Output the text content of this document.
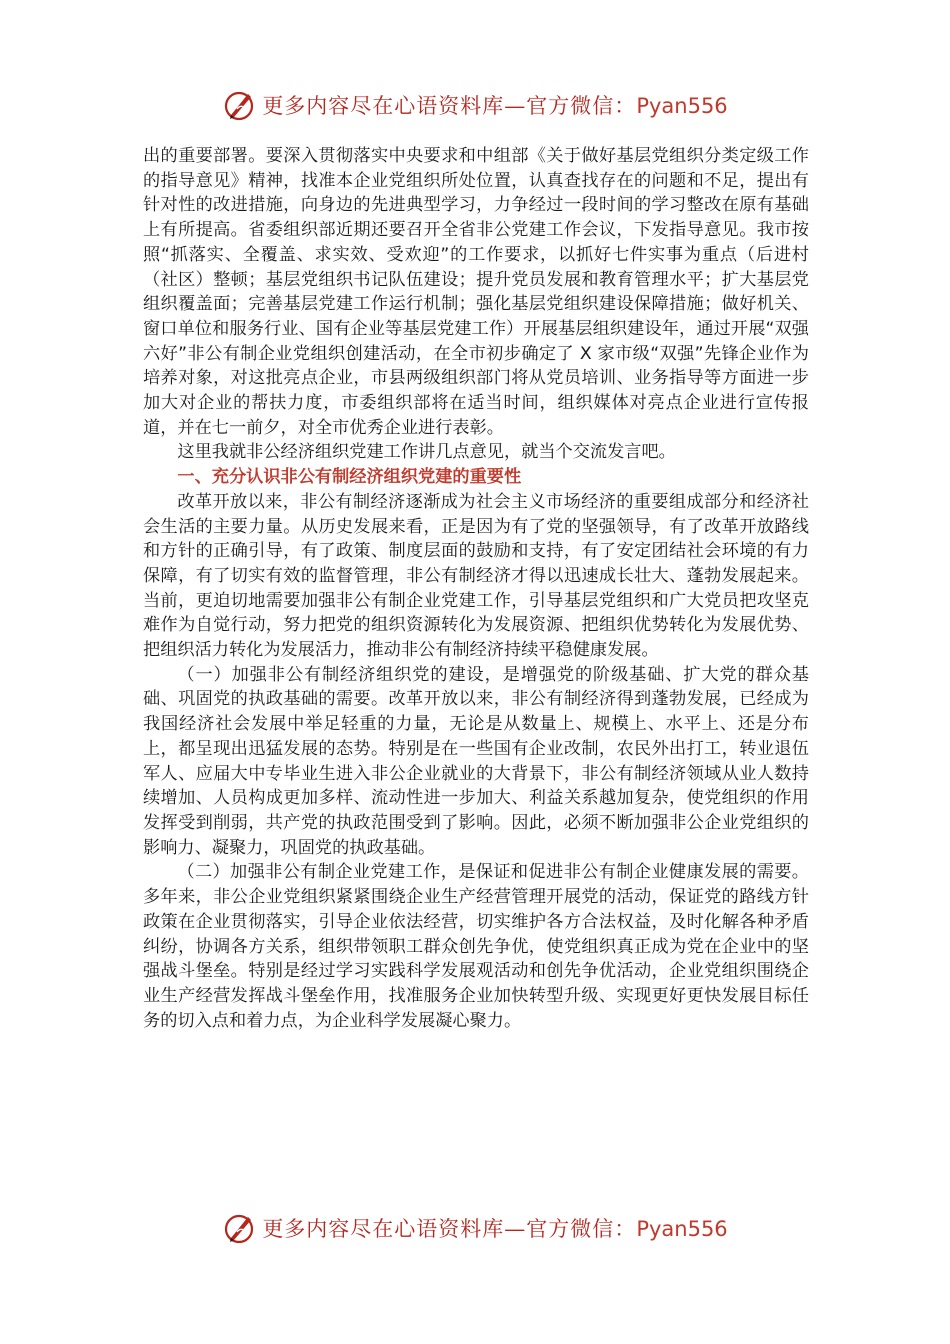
更多内容尽在心语资料库—官方微信：Pyan556

出的重要部署。要深入贯彻落实中央要求和中组部《关于做好基层党组织分类定级工作的指导意见》精神，找准本企业党组织所处位置，认真查找存在的问题和不足，提出有针对性的改进措施，向身边的先进典型学习，力争经过一段时间的学习整改在原有基础上有所提高。省委组织部近期还要召开全省非公党建工作会议，下发指导意见。我市按照“抓落实、全覆盖、求实效、受欢迎”的工作要求，以抓好七件实事为重点（后进村（社区）整顿；基层党组织书记队伍建设；提升党员发展和教育管理水平；扩大基层党组织覆盖面；完善基层党建工作运行机制；强化基层党组织建设保障措施；做好机关、窗口单位和服务行业、国有企业等基层党建工作）开展基层组织建设年，通过开展“双强六好”非公有制企业党组织创建活动，在全市初步确定了 X 家市级“双强”先锋企业作为培养对象，对这批亮点企业，市县两级组织部门将从党员培训、业务指导等方面进一步加大对企业的帮扶力度，市委组织部将在适当时间，组织媒体对亮点企业进行宣传报道，并在七一前夕，对全市优秀企业进行表彰。

这里我就非公经济组织党建工作讲几点意见，就当个交流发言吧。

一、充分认识非公有制经济组织党建的重要性

改革开放以来，非公有制经济逐渐成为社会主义市场经济的重要组成部分和经济社会生活的主要力量。从历史发展来看，正是因为有了党的坚强领导，有了改革开放路线和方针的正确引导，有了政策、制度层面的鼓励和支持，有了安定团结社会环境的有力保障，有了切实有效的监督管理，非公有制经济才得以迅速成长壮大、蓬勃发展起来。当前，更迫切地需要加强非公有制企业党建工作，引导基层党组织和广大党员把攻坚克难作为自觉行动，努力把党的组织资源转化为发展资源、把组织优势转化为发展优势、把组织活力转化为发展活力，推动非公有制经济持续平稳健康发展。

（一）加强非公有制经济组织党的建设，是增强党的阶级基础、扩大党的群众基础、巩固党的执政基础的需要。改革开放以来，非公有制经济得到蓬勃发展，已经成为我国经济社会发展中举足轻重的力量，无论是从数量上、规模上、水平上、还是分布上，都呈现出迅猛发展的态势。特别是在一些国有企业改制，农民外出打工，转业退伍军人、应届大中专毕业生进入非公企业就业的大背景下，非公有制经济领域从业人数持续增加、人员构成更加多样、流动性进一步加大、利益关系越加复杂，使党组织的作用发挥受到削弱，共产党的执政范围受到了影响。因此，必须不断加强非公企业党组织的影响力、凝聚力，巩固党的执政基础。

（二）加强非公有制企业党建工作，是保证和促进非公有制企业健康发展的需要。多年来，非公企业党组织紧紧围绕企业生产经营管理开展党的活动，保证党的路线方针政策在企业贯彻落实，引导企业依法经营，切实维护各方合法权益，及时化解各种矛盾纠纷，协调各方关系，组织带领职工群众创先争优，使党组织真正成为党在企业中的坚强战斗堡垒。特别是经过学习实践科学发展观活动和创先争优活动，企业党组织围绕企业生产经营发挥战斗堡垒作用，找准服务企业加快转型升级、实现更好更快发展目标任务的切入点和着力点，为企业科学发展凝心聚力。

更多内容尽在心语资料库—官方微信：Pyan556
